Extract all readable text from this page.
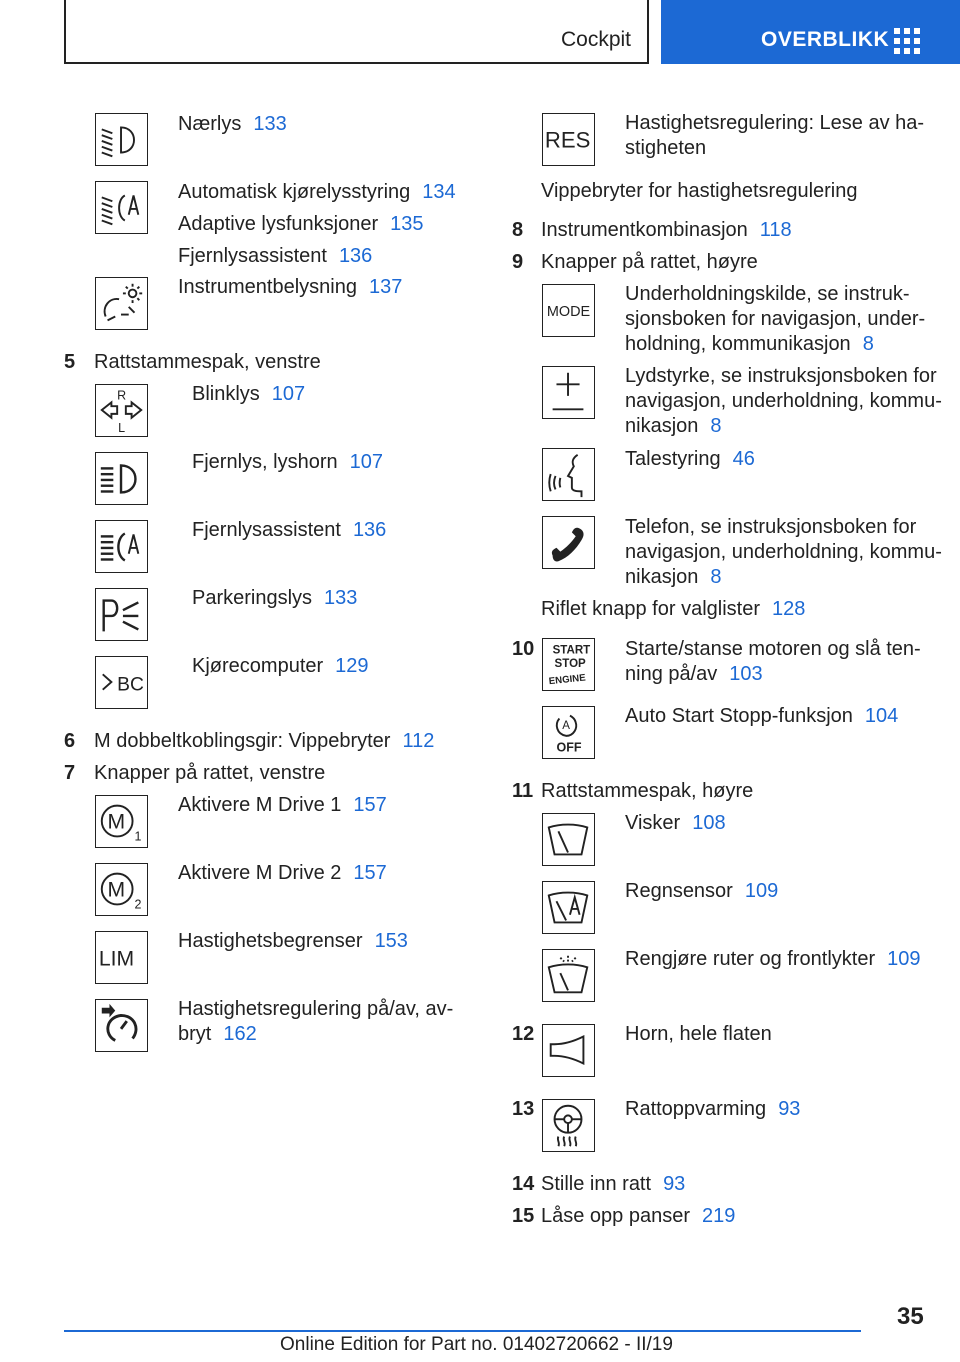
Cockpit	OVERBLIKK
Nærlys 133
Automatisk kjørelysstyring 134
Adaptive lysfunksjoner 135
Fjernlysassistent 136
Instrumentbelysning 137
5 Rattstammespak, venstre
R
L
Blinklys 107
Fjernlys, lyshorn 107
Fjernlysassistent 136
Parkeringslys 133
BC
Kjørecomputer 129
6 M dobbeltkoblingsgir: Vippebryter 112
7 Knapper på rattet, venstre
M
1
Aktivere M Drive 1 157
M
2
Aktivere M Drive 2 157
LIM
Hastighetsbegrenser 153
Hastighetsregulering på/av, av-
bryt 162
RES
Hastighetsregulering: Lese av ha-
stigheten
Vippebryter for hastighetsregulering
8 Instrumentkombinasjon 118
9 Knapper på rattet, høyre
MODE
Underholdningskilde, se instruk-
sjonsboken for navigasjon, under-
holdning, kommunikasjon 8
Lydstyrke, se instruksjonsboken for
navigasjon, underholdning, kommu-
nikasjon 8
Talestyring 46
Telefon, se instruksjonsboken for
navigasjon, underholdning, kommu-
nikasjon 8
Riflet knapp for valglister 128
10 START
STOP
ENGINE
Starte/stanse motoren og slå ten-
ning på/av 103
A
OFF
Auto Start Stopp-funksjon 104
11 Rattstammespak, høyre
Visker 108
Regnsensor 109
Rengjøre ruter og frontlykter 109
12	Horn, hele flaten
13	Rattoppvarming 93
14 Stille inn ratt 93
15 Låse opp panser 219
35
Online Edition for Part no. 01402720662 - II/19
